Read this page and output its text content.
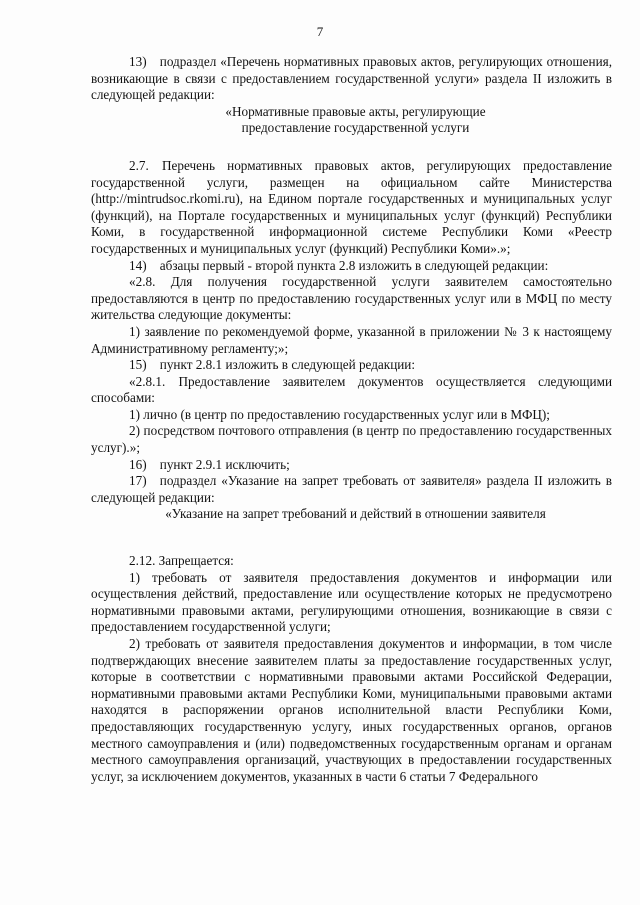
7

13) подраздел «Перечень нормативных правовых актов, регулирующих отношения, возникающие в связи с предоставлением государственной услуги» раздела II изложить в следующей редакции:

«Нормативные правовые акты, регулирующие

предоставление государственной услуги

2.7. Перечень нормативных правовых актов, регулирующих предоставление государственной услуги, размещен на официальном сайте Министерства (http://mintrudsoc.rkomi.ru), на Едином портале государственных и муниципальных услуг (функций), на Портале государственных и муниципальных услуг (функций) Республики Коми, в государственной информационной системе Республики Коми «Реестр государственных и муниципальных услуг (функций) Республики Коми».»;

14) абзацы первый - второй пункта 2.8 изложить в следующей редакции:

«2.8. Для получения государственной услуги заявителем самостоятельно предоставляются в центр по предоставлению государственных услуг или в МФЦ по месту жительства следующие документы:

1) заявление по рекомендуемой форме, указанной в приложении № 3 к настоящему Административному регламенту;»;

15) пункт 2.8.1 изложить в следующей редакции:

«2.8.1. Предоставление заявителем документов осуществляется следующими способами:

1) лично (в центр по предоставлению государственных услуг или в МФЦ);

2) посредством почтового отправления (в центр по предоставлению государственных услуг).»;

16) пункт 2.9.1 исключить;

17) подраздел «Указание на запрет требовать от заявителя» раздела II изложить в следующей редакции:

«Указание на запрет требований и действий в отношении заявителя

2.12. Запрещается:

1) требовать от заявителя предоставления документов и информации или осуществления действий, предоставление или осуществление которых не предусмотрено нормативными правовыми актами, регулирующими отношения, возникающие в связи с предоставлением государственной услуги;

2) требовать от заявителя предоставления документов и информации, в том числе подтверждающих внесение заявителем платы за предоставление государственных услуг, которые в соответствии с нормативными правовыми актами Российской Федерации, нормативными правовыми актами Республики Коми, муниципальными правовыми актами находятся в распоряжении органов исполнительной власти Республики Коми, предоставляющих государственную услугу, иных государственных органов, органов местного самоуправления и (или) подведомственных государственным органам и органам местного самоуправления организаций, участвующих в предоставлении государственных услуг, за исключением документов, указанных в части 6 статьи 7 Федерального
